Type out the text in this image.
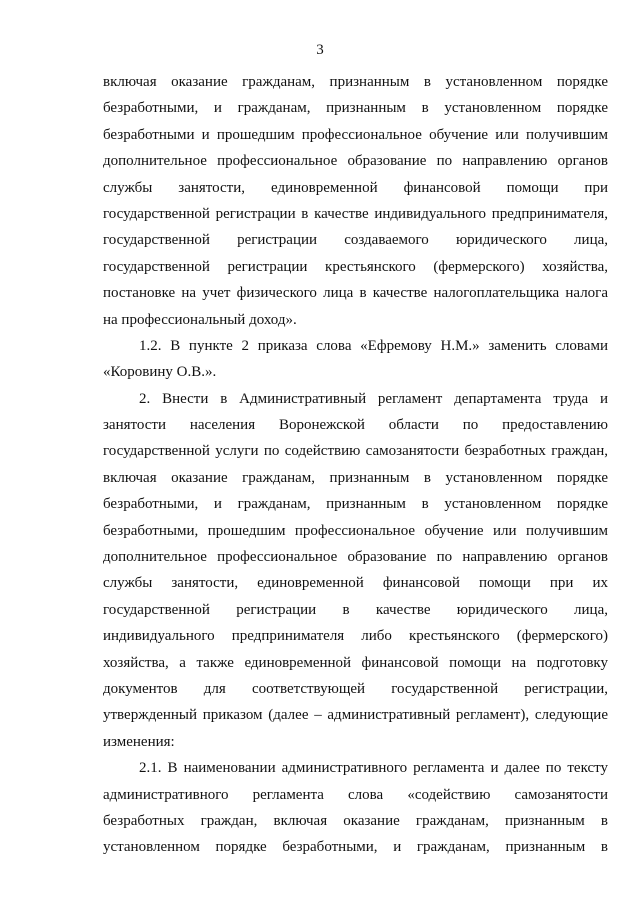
3

включая оказание гражданам, признанным в установленном порядке
безработными, и гражданам, признанным в установленном порядке
безработными и прошедшим профессиональное обучение или получившим
дополнительное профессиональное образование по направлению органов
службы занятости, единовременной финансовой помощи при
государственной регистрации в качестве индивидуального предпринимателя,
государственной регистрации создаваемого юридического лица,
государственной регистрации крестьянского (фермерского) хозяйства,
постановке на учет физического лица в качестве налогоплательщика налога
на профессиональный доход».

1.2. В пункте 2 приказа слова «Ефремову Н.М.» заменить словами
«Коровину О.В.».

2. Внести в Административный регламент департамента труда и
занятости населения Воронежской области по предоставлению
государственной услуги по содействию самозанятости безработных граждан,
включая оказание гражданам, признанным в установленном порядке
безработными, и гражданам, признанным в установленном порядке
безработными, прошедшим профессиональное обучение или получившим
дополнительное профессиональное образование по направлению органов
службы занятости, единовременной финансовой помощи при их
государственной регистрации в качестве юридического лица,
индивидуального предпринимателя либо крестьянского (фермерского)
хозяйства, а также единовременной финансовой помощи на подготовку
документов для соответствующей государственной регистрации,
утвержденный приказом (далее – административный регламент), следующие
изменения:

2.1. В наименовании административного регламента и далее по тексту
административного регламента слова «содействию самозанятости
безработных граждан, включая оказание гражданам, признанным в
установленном порядке безработными, и гражданам, признанным в
